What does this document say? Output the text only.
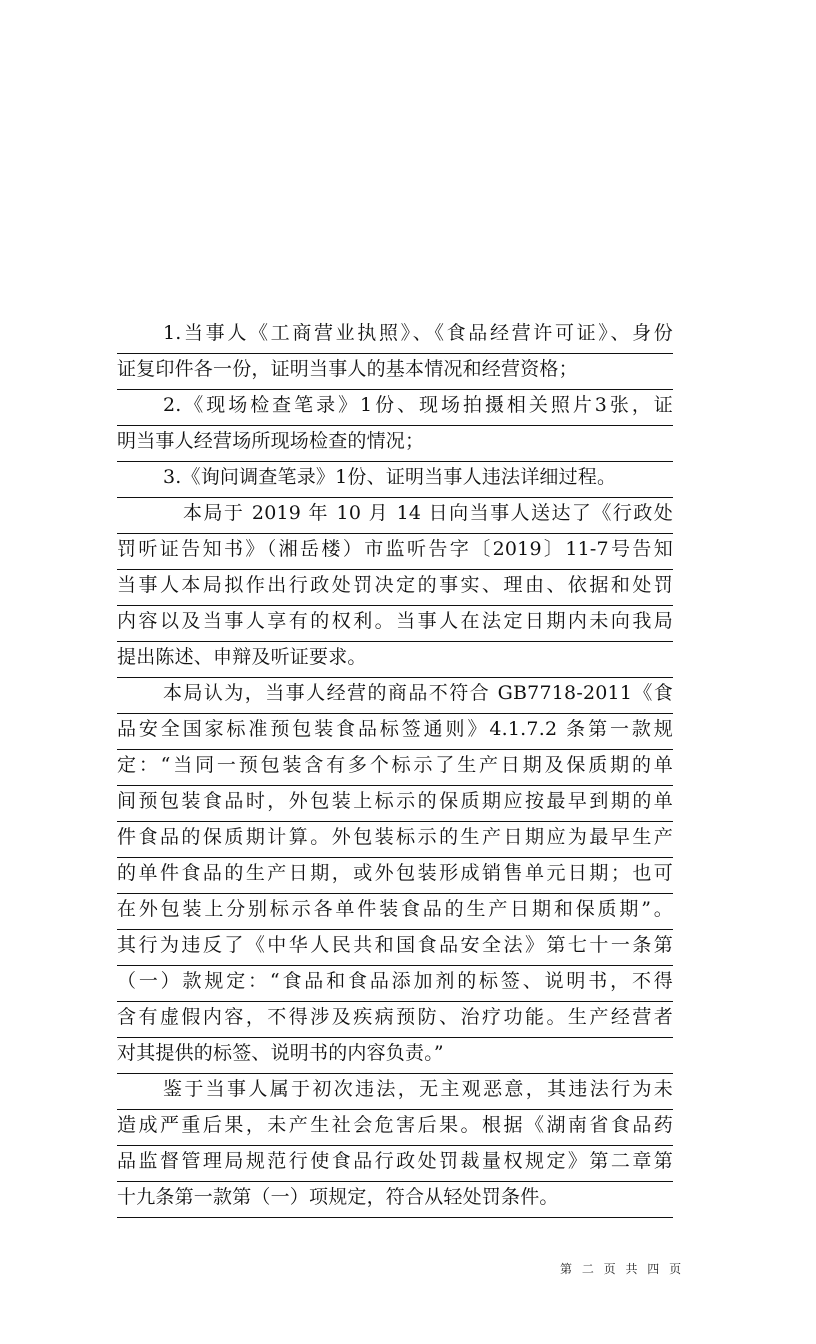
1.当事人《工商营业执照》、《食品经营许可证》、身份
证复印件各一份，证明当事人的基本情况和经营资格；
2.《现场检查笔录》1份、现场拍摄相关照片3张，证
明当事人经营场所现场检查的情况；
3.《询问调查笔录》1份、证明当事人违法详细过程。
本局于 2019 年 10 月 14 日向当事人送达了《行政处
罚听证告知书》（湘岳楼）市监听告字〔2019〕11-7号告知
当事人本局拟作出行政处罚决定的事实、理由、依据和处罚
内容以及当事人享有的权利。当事人在法定日期内未向我局
提出陈述、申辩及听证要求。
本局认为，当事人经营的商品不符合 GB7718-2011《食
品安全国家标准预包装食品标签通则》4.1.7.2 条第一款规
定：“当同一预包装含有多个标示了生产日期及保质期的单
间预包装食品时，外包装上标示的保质期应按最早到期的单
件食品的保质期计算。外包装标示的生产日期应为最早生产
的单件食品的生产日期，或外包装形成销售单元日期；也可
在外包装上分别标示各单件装食品的生产日期和保质期”。
其行为违反了《中华人民共和国食品安全法》第七十一条第
（一）款规定：“食品和食品添加剂的标签、说明书，不得
含有虚假内容，不得涉及疾病预防、治疗功能。生产经营者
对其提供的标签、说明书的内容负责。”
鉴于当事人属于初次违法，无主观恶意，其违法行为未
造成严重后果，未产生社会危害后果。根据《湖南省食品药
品监督管理局规范行使食品行政处罚裁量权规定》第二章第
十九条第一款第（一）项规定，符合从轻处罚条件。
第 二 页 共 四 页
